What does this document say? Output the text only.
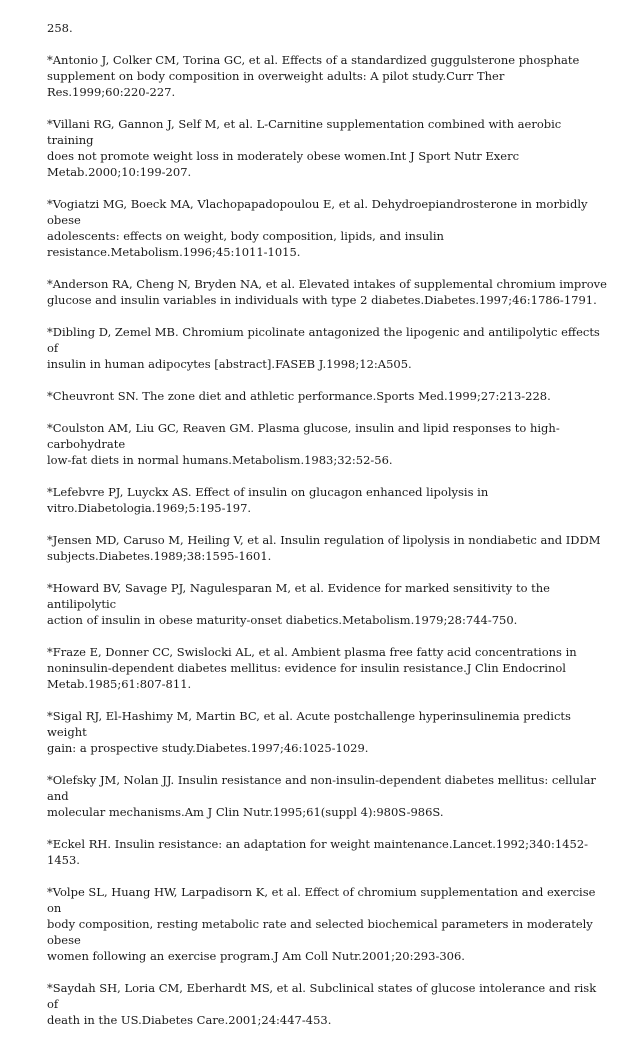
258.

*Antonio J, Colker CM, Torina GC, et al. Effects of a standardized guggulsterone phosphate
supplement on body composition in overweight adults: A pilot study.Curr Ther Res.1999;60:220-227.

*Villani RG, Gannon J, Self M, et al. L-Carnitine supplementation combined with aerobic training
does not promote weight loss in moderately obese women.Int J Sport Nutr Exerc
Metab.2000;10:199-207.

*Vogiatzi MG, Boeck MA, Vlachopapadopoulou E, et al. Dehydroepiandrosterone in morbidly obese
adolescents: effects on weight, body composition, lipids, and insulin
resistance.Metabolism.1996;45:1011-1015.

*Anderson RA, Cheng N, Bryden NA, et al. Elevated intakes of supplemental chromium improve
glucose and insulin variables in individuals with type 2 diabetes.Diabetes.1997;46:1786-1791.

*Dibling D, Zemel MB. Chromium picolinate antagonized the lipogenic and antilipolytic effects of
insulin in human adipocytes [abstract].FASEB J.1998;12:A505.

*Cheuvront SN. The zone diet and athletic performance.Sports Med.1999;27:213-228.

*Coulston AM, Liu GC, Reaven GM. Plasma glucose, insulin and lipid responses to high-carbohydrate
low-fat diets in normal humans.Metabolism.1983;32:52-56.

*Lefebvre PJ, Luyckx AS. Effect of insulin on glucagon enhanced lipolysis in
vitro.Diabetologia.1969;5:195-197.

*Jensen MD, Caruso M, Heiling V, et al. Insulin regulation of lipolysis in nondiabetic and IDDM
subjects.Diabetes.1989;38:1595-1601.

*Howard BV, Savage PJ, Nagulesparan M, et al. Evidence for marked sensitivity to the antilipolytic
action of insulin in obese maturity-onset diabetics.Metabolism.1979;28:744-750.

*Fraze E, Donner CC, Swislocki AL, et al. Ambient plasma free fatty acid concentrations in
noninsulin-dependent diabetes mellitus: evidence for insulin resistance.J Clin Endocrinol
Metab.1985;61:807-811.

*Sigal RJ, El-Hashimy M, Martin BC, et al. Acute postchallenge hyperinsulinemia predicts weight
gain: a prospective study.Diabetes.1997;46:1025-1029.

*Olefsky JM, Nolan JJ. Insulin resistance and non-insulin-dependent diabetes mellitus: cellular and
molecular mechanisms.Am J Clin Nutr.1995;61(suppl 4):980S-986S.

*Eckel RH. Insulin resistance: an adaptation for weight maintenance.Lancet.1992;340:1452-1453.

*Volpe SL, Huang HW, Larpadisorn K, et al. Effect of chromium supplementation and exercise on
body composition, resting metabolic rate and selected biochemical parameters in moderately obese
women following an exercise program.J Am Coll Nutr.2001;20:293-306.

*Saydah SH, Loria CM, Eberhardt MS, et al. Subclinical states of glucose intolerance and risk of
death in the US.Diabetes Care.2001;24:447-453.
